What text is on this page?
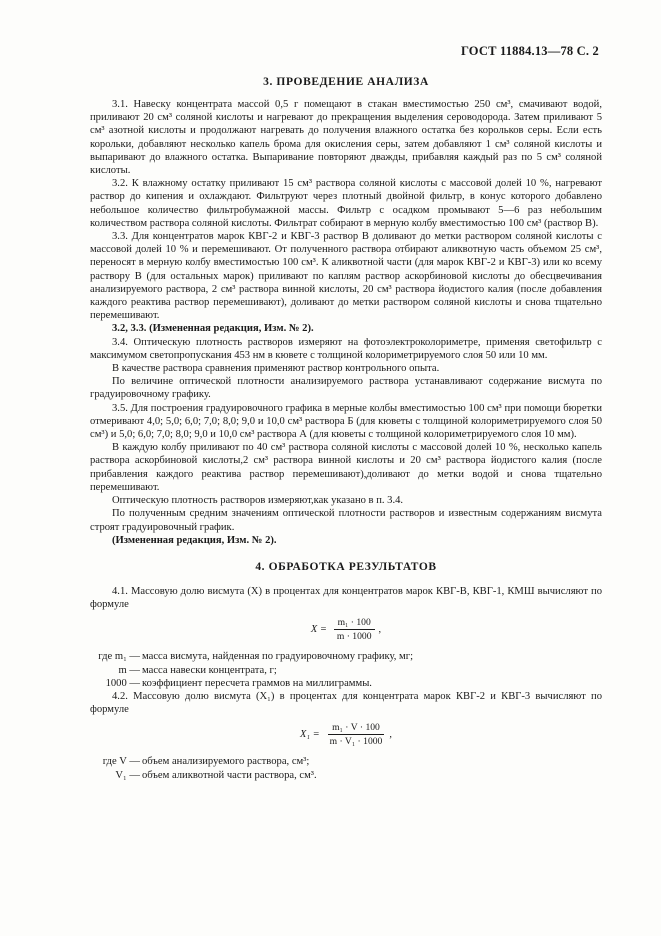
ГОСТ 11884.13—78 С. 2
3. ПРОВЕДЕНИЕ АНАЛИЗА

3.1. Навеску концентрата массой 0,5 г помещают в стакан вместимостью 250 см³, смачивают водой, приливают 20 см³ соляной кислоты и нагревают до прекращения выделения сероводорода. Затем приливают 5 см³ азотной кислоты и продолжают нагревать до получения влажного остатка без корольков серы. Если есть корольки, добавляют несколько капель брома для окисления серы, затем добавляют 1 см³ соляной кислоты и выпаривают до влажного остатка. Выпаривание повторяют дважды, прибавляя каждый раз по 5 см³ соляной кислоты.

3.2. К влажному остатку приливают 15 см³ раствора соляной кислоты с массовой долей 10 %, нагревают раствор до кипения и охлаждают. Фильтруют через плотный двойной фильтр, в конус которого добавлено небольшое количество фильтробумажной массы. Фильтр с осадком промывают 5—6 раз небольшим количеством раствора соляной кислоты. Фильтрат собирают в мерную колбу вместимостью 100 см³ (раствор В).

3.3. Для концентратов марок КВГ-2 и КВГ-3 раствор В доливают до метки раствором соляной кислоты с массовой долей 10 % и перемешивают. От полученного раствора отбирают аликвотную часть объемом 25 см³, переносят в мерную колбу вместимостью 100 см³. К аликвотной части (для марок КВГ-2 и КВГ-3) или ко всему раствору В (для остальных марок) приливают по каплям раствор аскорбиновой кислоты до обесцвечивания анализируемого раствора, 2 см³ раствора винной кислоты, 20 см³ раствора йодистого калия (после добавления каждого реактива раствор перемешивают), доливают до метки раствором соляной кислоты и снова тщательно перемешивают.

3.2, 3.3. (Измененная редакция, Изм. № 2).

3.4. Оптическую плотность растворов измеряют на фотоэлектроколориметре, применяя светофильтр с максимумом светопропускания 453 нм в кювете с толщиной колориметрируемого слоя 50 или 10 мм.

В качестве раствора сравнения применяют раствор контрольного опыта.

По величине оптической плотности анализируемого раствора устанавливают содержание висмута по градуировочному графику.

3.5. Для построения градуировочного графика в мерные колбы вместимостью 100 см³ при помощи бюретки отмеривают 4,0; 5,0; 6,0; 7,0; 8,0; 9,0 и 10,0 см³ раствора Б (для кюветы с толщиной колориметрируемого слоя 50 см³) и 5,0; 6,0; 7,0; 8,0; 9,0 и 10,0 см³ раствора А (для кюветы с толщиной колориметрируемого слоя 10 мм).

В каждую колбу приливают по 40 см³ раствора соляной кислоты с массовой долей 10 %, несколько капель раствора аскорбиновой кислоты,2 см³ раствора винной кислоты и 20 см³ раствора йодистого калия (после прибавления каждого реактива раствор перемешивают),доливают до метки водой и снова тщательно перемешивают.

Оптическую плотность растворов измеряют,как указано в п. 3.4.

По полученным средним значениям оптической плотности растворов и известным содержаниям висмута строят градуировочный график.

(Измененная редакция, Изм. № 2).

4. ОБРАБОТКА РЕЗУЛЬТАТОВ

4.1. Массовую долю висмута (X) в процентах для концентратов марок КВГ-В, КВГ-1, КМШ вычисляют по формуле

$X = \frac{\text{m₁ · 100}}{m \cdot 1000}$ ,
где m₁ — масса висмута, найденная по градуировочному графику, мг;
m — масса навески концентрата, г;
1000 — коэффициент пересчета граммов на миллиграммы.

4.2. Массовую долю висмута (X₁) в процентах для концентрата марок КВГ-2 и КВГ-3 вычисляют по формуле

$X_1 = \frac{\text{m₁ · V · 100}}{\text{m · V₁ · 1000}}$ ,
где V — объем анализируемого раствора, см³;
V₁ — объем аликвотной части раствора, см³.
